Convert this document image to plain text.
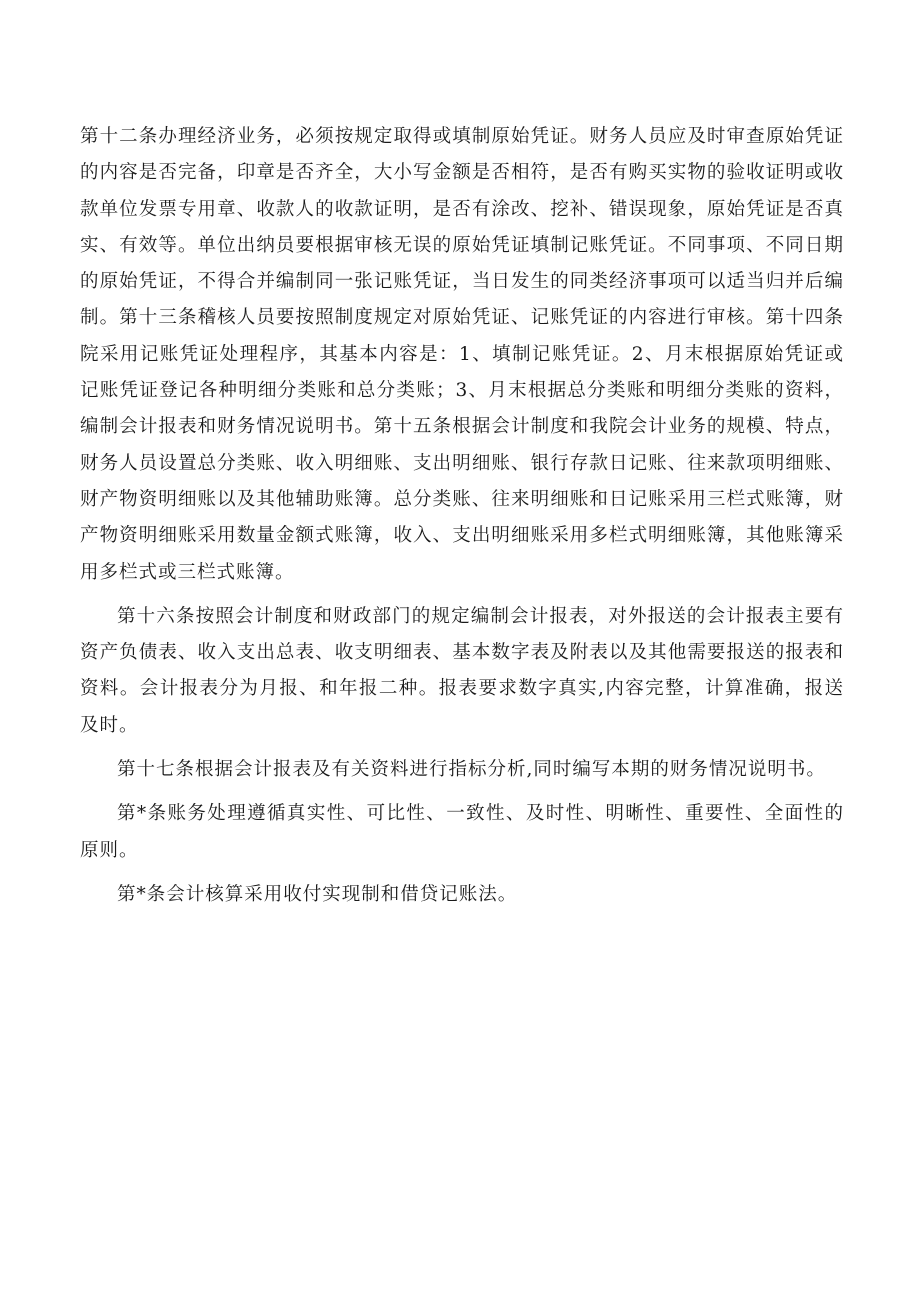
第十二条办理经济业务，必须按规定取得或填制原始凭证。财务人员应及时审查原始凭证的内容是否完备，印章是否齐全，大小写金额是否相符，是否有购买实物的验收证明或收款单位发票专用章、收款人的收款证明，是否有涂改、挖补、错误现象，原始凭证是否真实、有效等。单位出纳员要根据审核无误的原始凭证填制记账凭证。不同事项、不同日期的原始凭证，不得合并编制同一张记账凭证，当日发生的同类经济事项可以适当归并后编制。第十三条稽核人员要按照制度规定对原始凭证、记账凭证的内容进行审核。第十四条院采用记账凭证处理程序，其基本内容是：1、填制记账凭证。2、月末根据原始凭证或记账凭证登记各种明细分类账和总分类账；3、月末根据总分类账和明细分类账的资料，编制会计报表和财务情况说明书。第十五条根据会计制度和我院会计业务的规模、特点，财务人员设置总分类账、收入明细账、支出明细账、银行存款日记账、往来款项明细账、财产物资明细账以及其他辅助账簿。总分类账、往来明细账和日记账采用三栏式账簿，财产物资明细账采用数量金额式账簿，收入、支出明细账采用多栏式明细账簿，其他账簿采用多栏式或三栏式账簿。

第十六条按照会计制度和财政部门的规定编制会计报表，对外报送的会计报表主要有资产负债表、收入支出总表、收支明细表、基本数字表及附表以及其他需要报送的报表和资料。会计报表分为月报、和年报二种。报表要求数字真实,内容完整，计算准确，报送及时。

第十七条根据会计报表及有关资料进行指标分析,同时编写本期的财务情况说明书。

第*条账务处理遵循真实性、可比性、一致性、及时性、明晰性、重要性、全面性的原则。

第*条会计核算采用收付实现制和借贷记账法。
